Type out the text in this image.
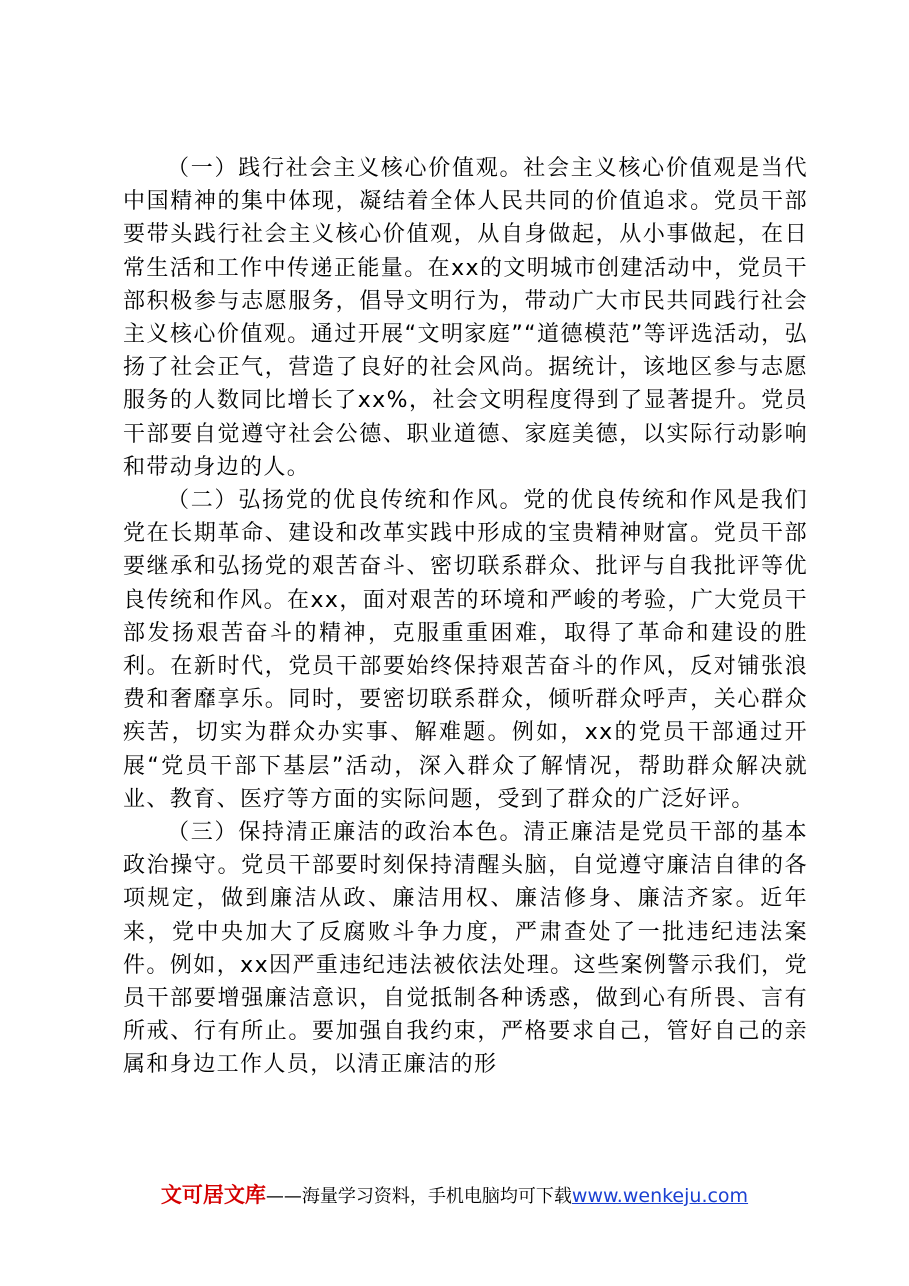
（一）践行社会主义核心价值观。社会主义核心价值观是当代中国精神的集中体现，凝结着全体人民共同的价值追求。党员干部要带头践行社会主义核心价值观，从自身做起，从小事做起，在日常生活和工作中传递正能量。在xx的文明城市创建活动中，党员干部积极参与志愿服务，倡导文明行为，带动广大市民共同践行社会主义核心价值观。通过开展“文明家庭”“道德模范”等评选活动，弘扬了社会正气，营造了良好的社会风尚。据统计，该地区参与志愿服务的人数同比增长了xx%，社会文明程度得到了显著提升。党员干部要自觉遵守社会公德、职业道德、家庭美德，以实际行动影响和带动身边的人。

（二）弘扬党的优良传统和作风。党的优良传统和作风是我们党在长期革命、建设和改革实践中形成的宝贵精神财富。党员干部要继承和弘扬党的艰苦奋斗、密切联系群众、批评与自我批评等优良传统和作风。在xx，面对艰苦的环境和严峻的考验，广大党员干部发扬艰苦奋斗的精神，克服重重困难，取得了革命和建设的胜利。在新时代，党员干部要始终保持艰苦奋斗的作风，反对铺张浪费和奢靡享乐。同时，要密切联系群众，倾听群众呼声，关心群众疾苦，切实为群众办实事、解难题。例如，xx的党员干部通过开展“党员干部下基层”活动，深入群众了解情况，帮助群众解决就业、教育、医疗等方面的实际问题，受到了群众的广泛好评。

（三）保持清正廉洁的政治本色。清正廉洁是党员干部的基本政治操守。党员干部要时刻保持清醒头脑，自觉遵守廉洁自律的各项规定，做到廉洁从政、廉洁用权、廉洁修身、廉洁齐家。近年来，党中央加大了反腐败斗争力度，严肃查处了一批违纪违法案件。例如，xx因严重违纪违法被依法处理。这些案例警示我们，党员干部要增强廉洁意识，自觉抵制各种诱惑，做到心有所畏、言有所戒、行有所止。要加强自我约束，严格要求自己，管好自己的亲属和身边工作人员，以清正廉洁的形

文可居文库——海量学习资料，手机电脑均可下载www.wenkeju.com
